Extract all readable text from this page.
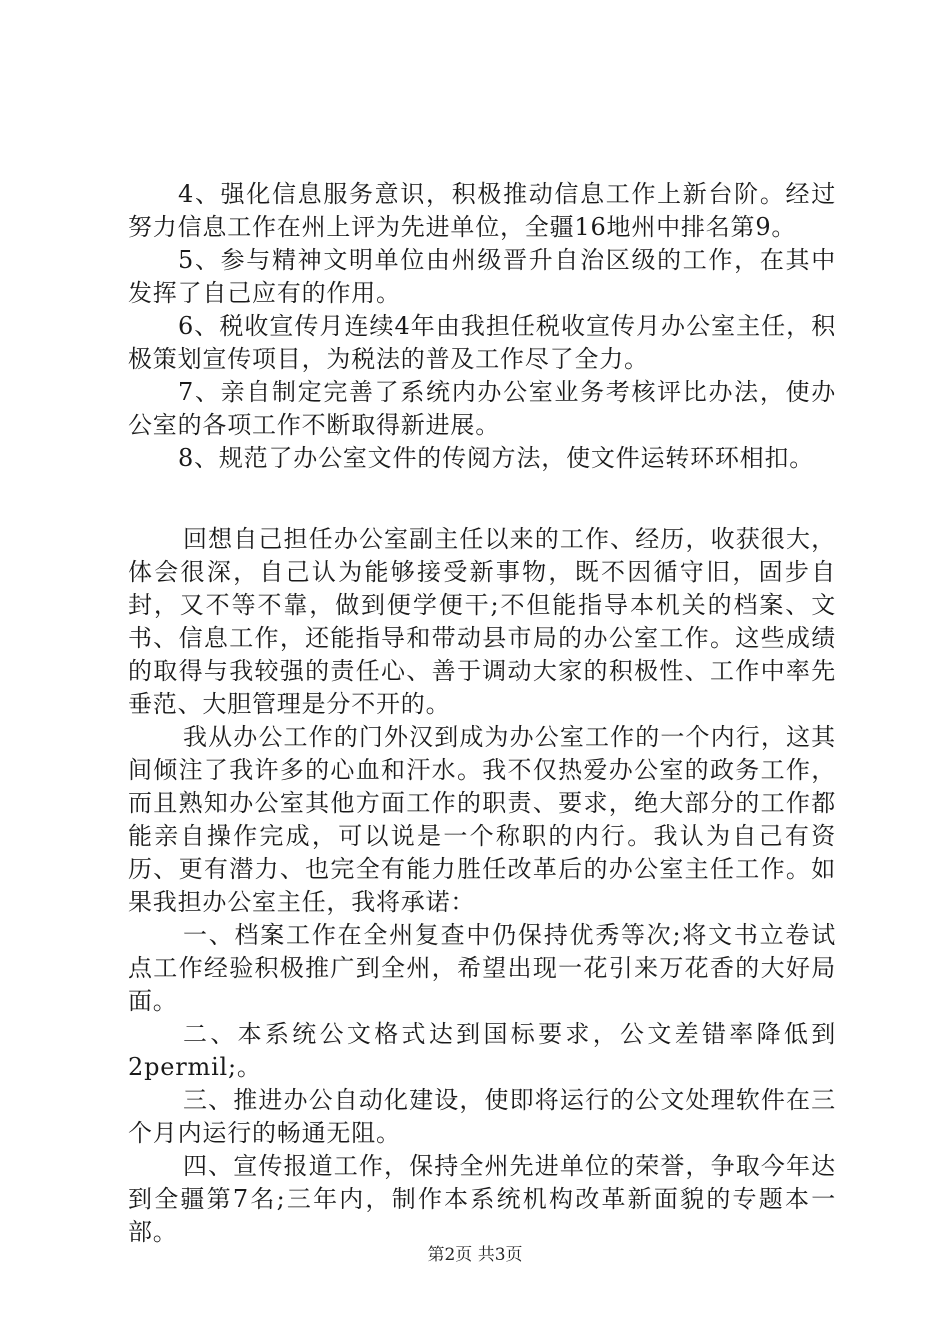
4、强化信息服务意识，积极推动信息工作上新台阶。经过努力信息工作在州上评为先进单位，全疆16地州中排名第9。

5、参与精神文明单位由州级晋升自治区级的工作，在其中发挥了自己应有的作用。

6、税收宣传月连续4年由我担任税收宣传月办公室主任，积极策划宣传项目，为税法的普及工作尽了全力。

7、亲自制定完善了系统内办公室业务考核评比办法，使办公室的各项工作不断取得新进展。

8、规范了办公室文件的传阅方法，使文件运转环环相扣。

回想自己担任办公室副主任以来的工作、经历，收获很大，体会很深，自己认为能够接受新事物，既不因循守旧，固步自封，又不等不靠，做到便学便干;不但能指导本机关的档案、文书、信息工作，还能指导和带动县市局的办公室工作。这些成绩的取得与我较强的责任心、善于调动大家的积极性、工作中率先垂范、大胆管理是分不开的。

我从办公工作的门外汉到成为办公室工作的一个内行，这其间倾注了我许多的心血和汗水。我不仅热爱办公室的政务工作，而且熟知办公室其他方面工作的职责、要求，绝大部分的工作都能亲自操作完成，可以说是一个称职的内行。我认为自己有资历、更有潜力、也完全有能力胜任改革后的办公室主任工作。如果我担办公室主任，我将承诺：

一、档案工作在全州复查中仍保持优秀等次;将文书立卷试点工作经验积极推广到全州，希望出现一花引来万花香的大好局面。

二、本系统公文格式达到国标要求，公文差错率降低到2permil;。

三、推进办公自动化建设，使即将运行的公文处理软件在三个月内运行的畅通无阻。

四、宣传报道工作，保持全州先进单位的荣誉，争取今年达到全疆第7名;三年内，制作本系统机构改革新面貌的专题本一部。

第2页 共3页
